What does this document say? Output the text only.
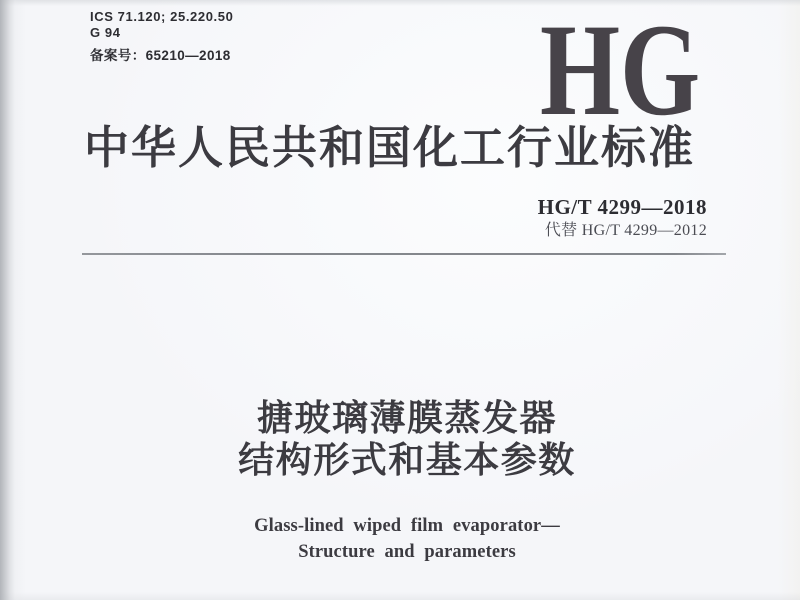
ICS 71.120; 25.220.50
G 94
备案号：65210—2018 HG
中华人民共和国化工行业标准
HG/T 4299—2018
代替 HG/T 4299—2012
搪玻璃薄膜蒸发器
结构形式和基本参数
Glass-lined wiped film evaporator—
Structure and parameters
